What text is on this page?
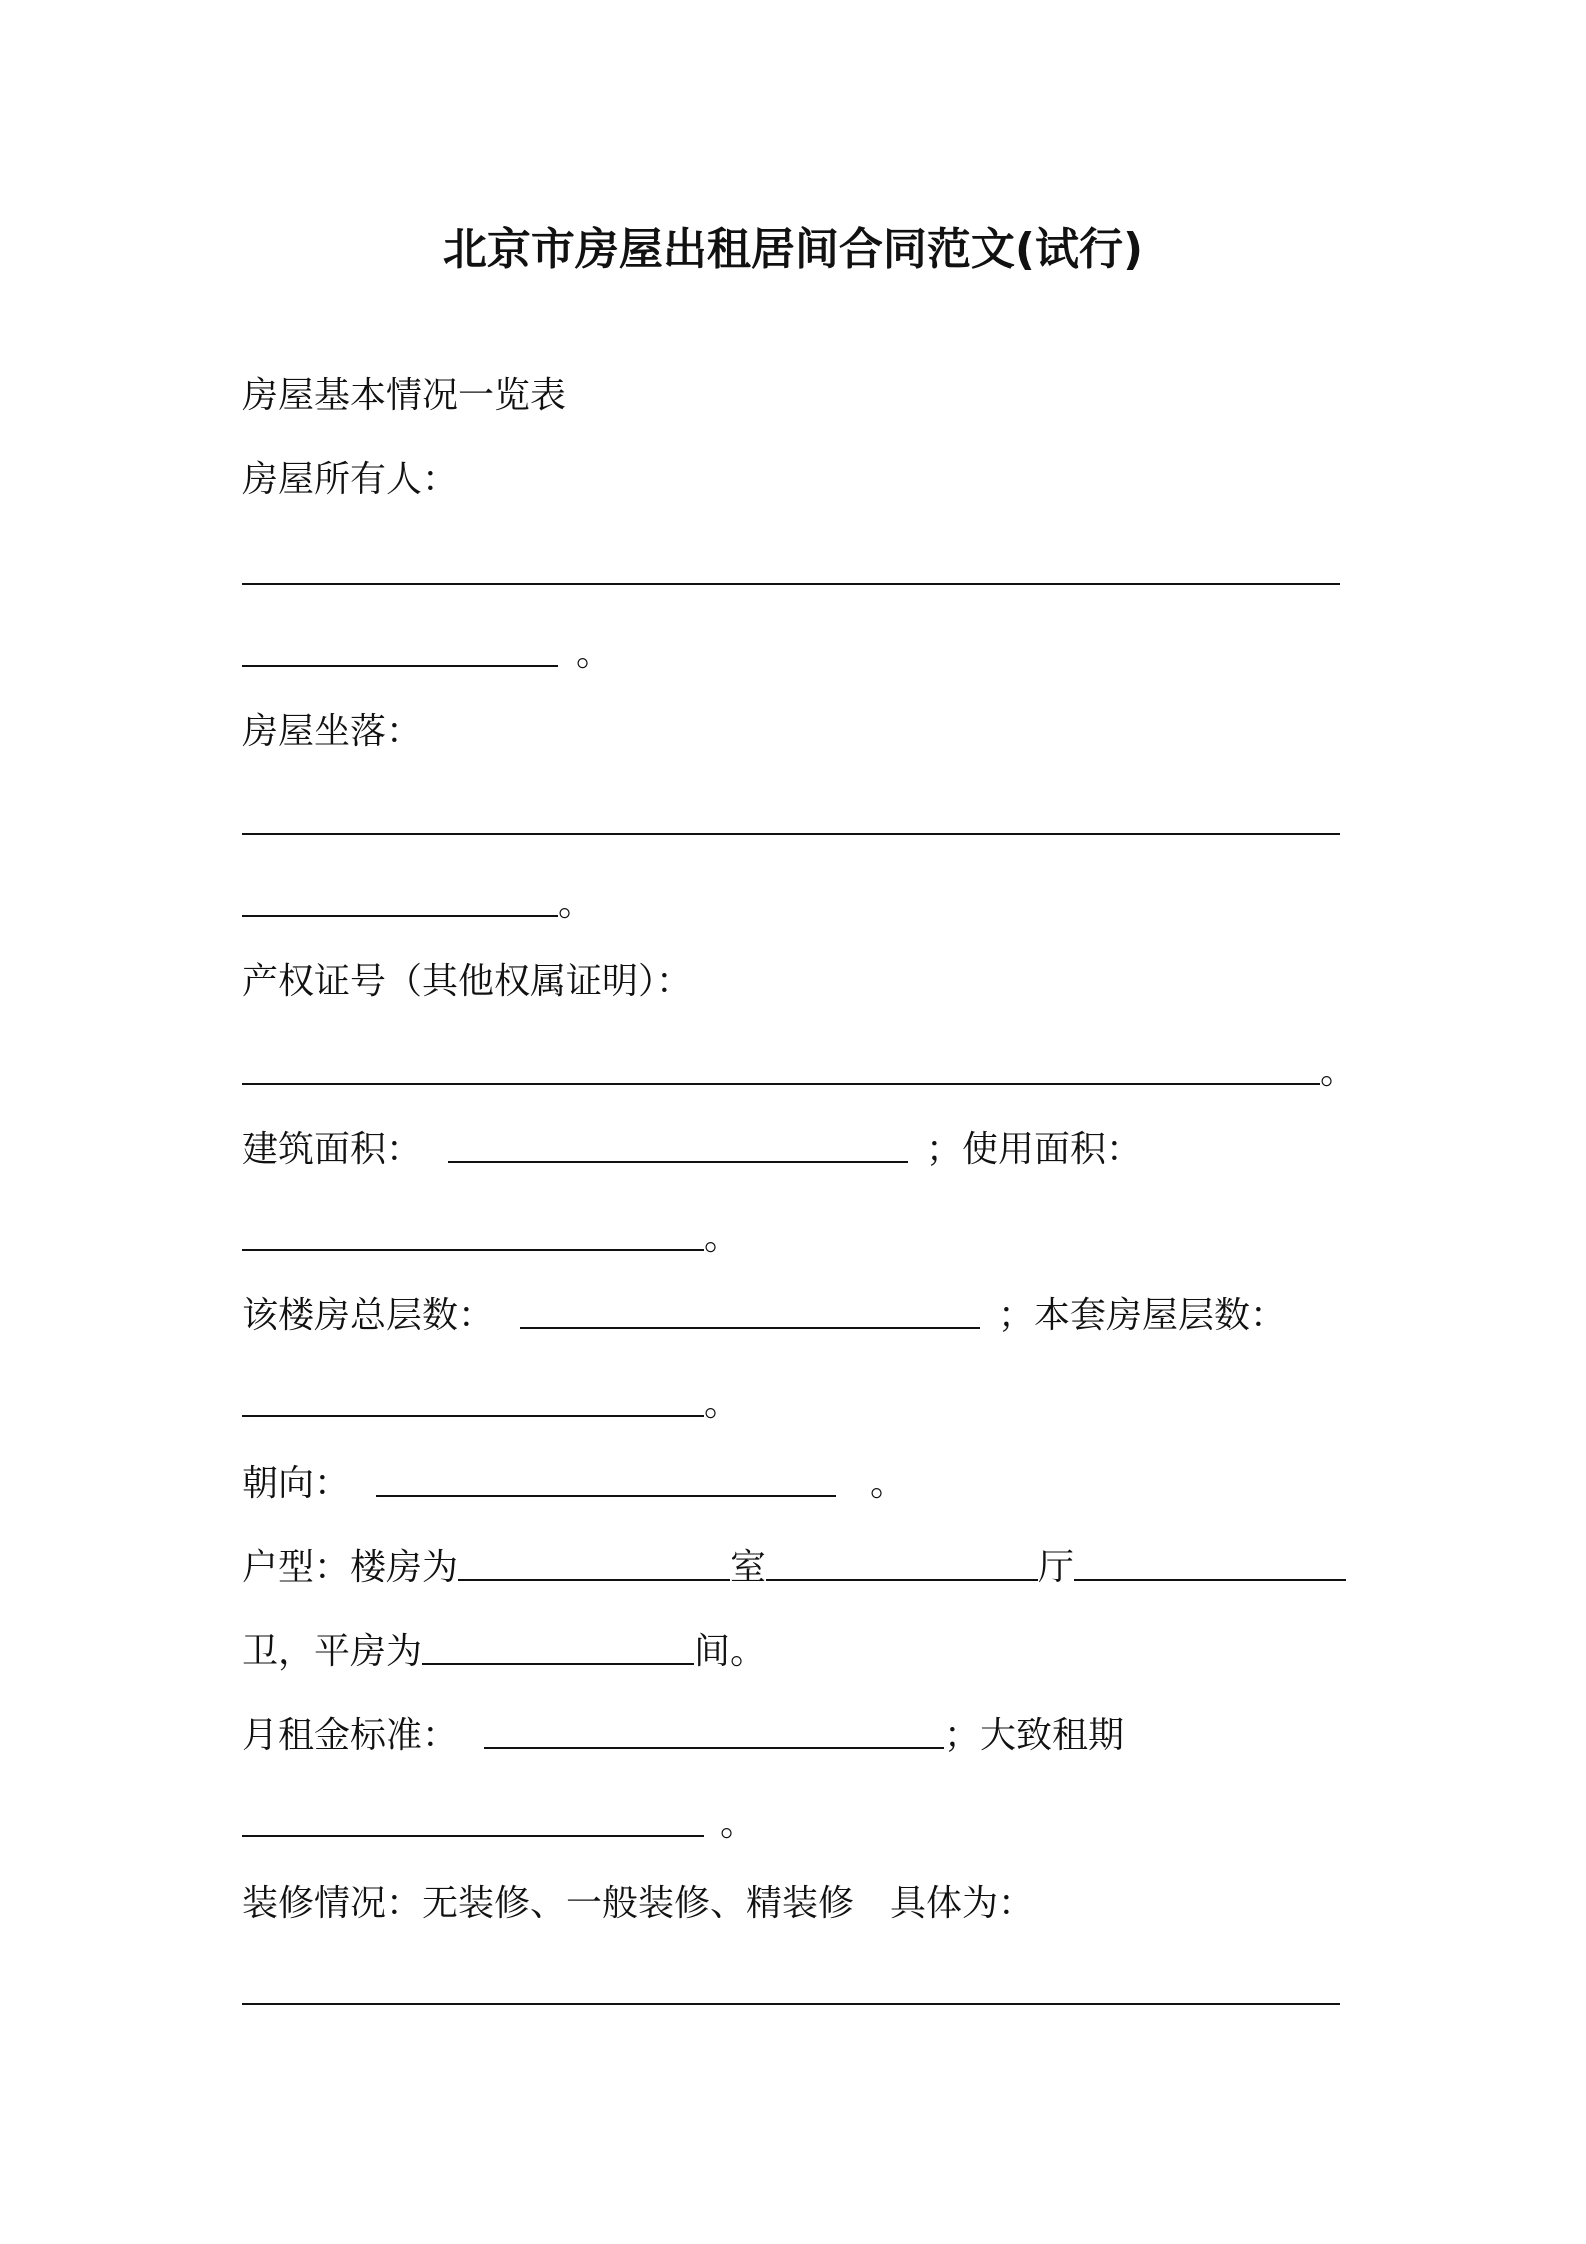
北京市房屋出租居间合同范文(试行)
房屋基本情况一览表
房屋所有人：
。
房屋坐落：
。
产权证号（其他权属证明）：
。
建筑面积：	；使用面积：
。
该楼房总层数：	；本套房屋层数：
。
朝向：	。
户型：楼房为	室	厅
卫，平房为	间。
月租金标准：	；大致租期
。
装修情况：无装修、一般装修、精装修 具体为：
